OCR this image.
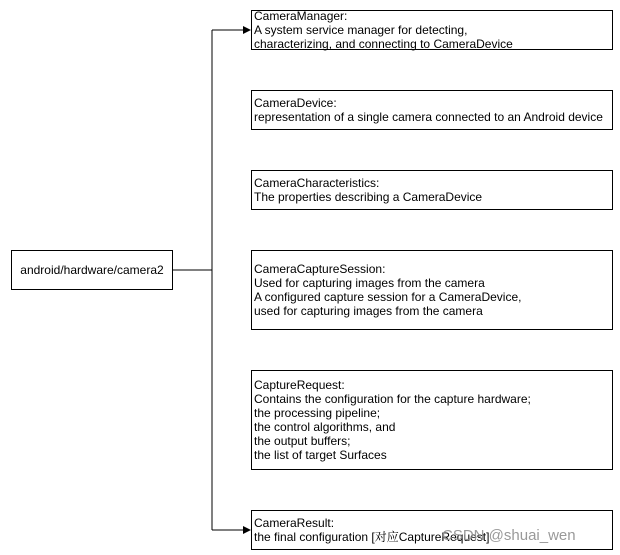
android/hardware/camera2
CameraManager:
A system service manager for detecting,
characterizing, and connecting to CameraDevice
CameraDevice:
representation of a single camera connected to an Android device
CameraCharacteristics:
The properties describing a CameraDevice
CameraCaptureSession:
Used for capturing images from the camera
A configured capture session for a CameraDevice,
used for capturing images from the camera
CaptureRequest:
Contains the configuration for the capture hardware;
the processing pipeline;
the control algorithms, and
the output buffers;
the list of target Surfaces
CameraResult:
the final configuration [对应CaptureRequest]
CSDN @shuai_wen
